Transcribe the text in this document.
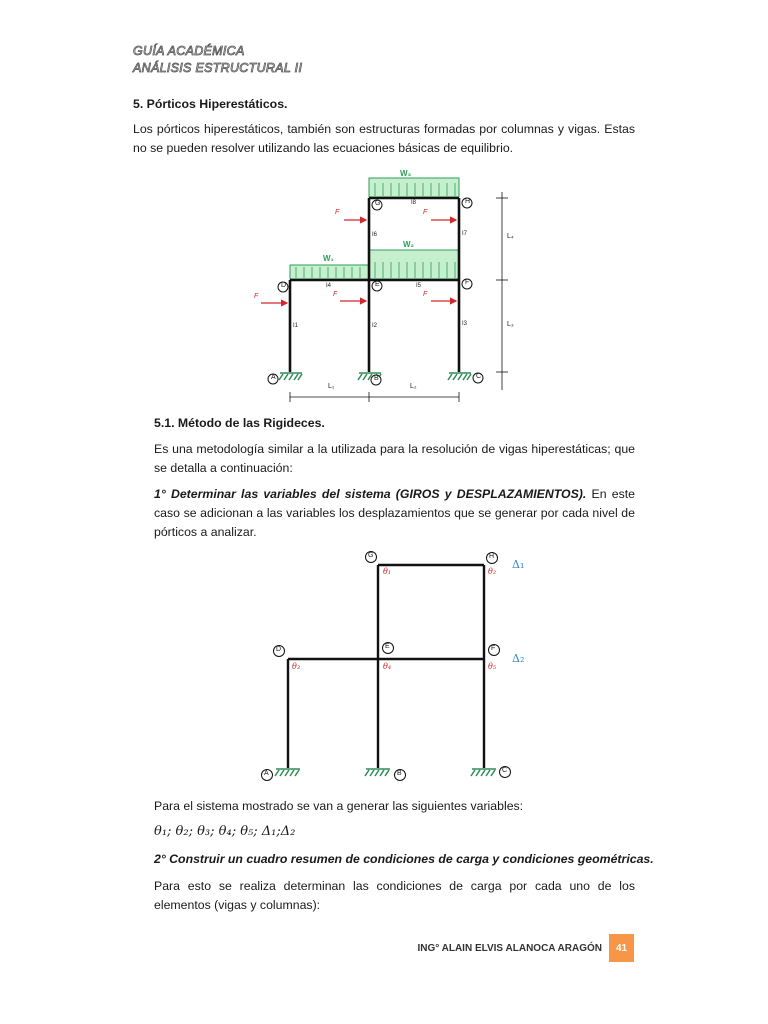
GUÍA ACADÉMICA
ANÁLISIS ESTRUCTURAL II

5. Pórticos Hiperestáticos.

Los pórticos hiperestáticos, también son estructuras formadas por columnas y vigas. Estas no se pueden resolver utilizando las ecuaciones básicas de equilibrio.

W₃
W₂
W₁
G	H
D	E	F
A	B	C
I8
I6	I7
I4	I5
I1	I2	I3
F	F
F	F
F
L₁	L₂
L₄
L₃

5.1. Método de las Rigideces.

Es una metodología similar a la utilizada para la resolución de vigas hiperestáticas; que se detalla a continuación:

1° Determinar las variables del sistema (GIROS y DESPLAZAMIENTOS). En este caso se adicionan a las variables los desplazamientos que se generar por cada nivel de pórticos a analizar.

G	H
D	E	F
A	B	C
θ₁	θ₂
θ₃	θ₄	θ₅
Δ₁
Δ₂

Para el sistema mostrado se van a generar las siguientes variables:

θ₁; θ₂; θ₃; θ₄; θ₅; Δ₁;Δ₂

2° Construir un cuadro resumen de condiciones de carga y condiciones geométricas.

Para esto se realiza determinan las condiciones de carga por cada uno de los elementos (vigas y columnas):

ING° ALAIN ELVIS ALANOCA ARAGÓN	41
